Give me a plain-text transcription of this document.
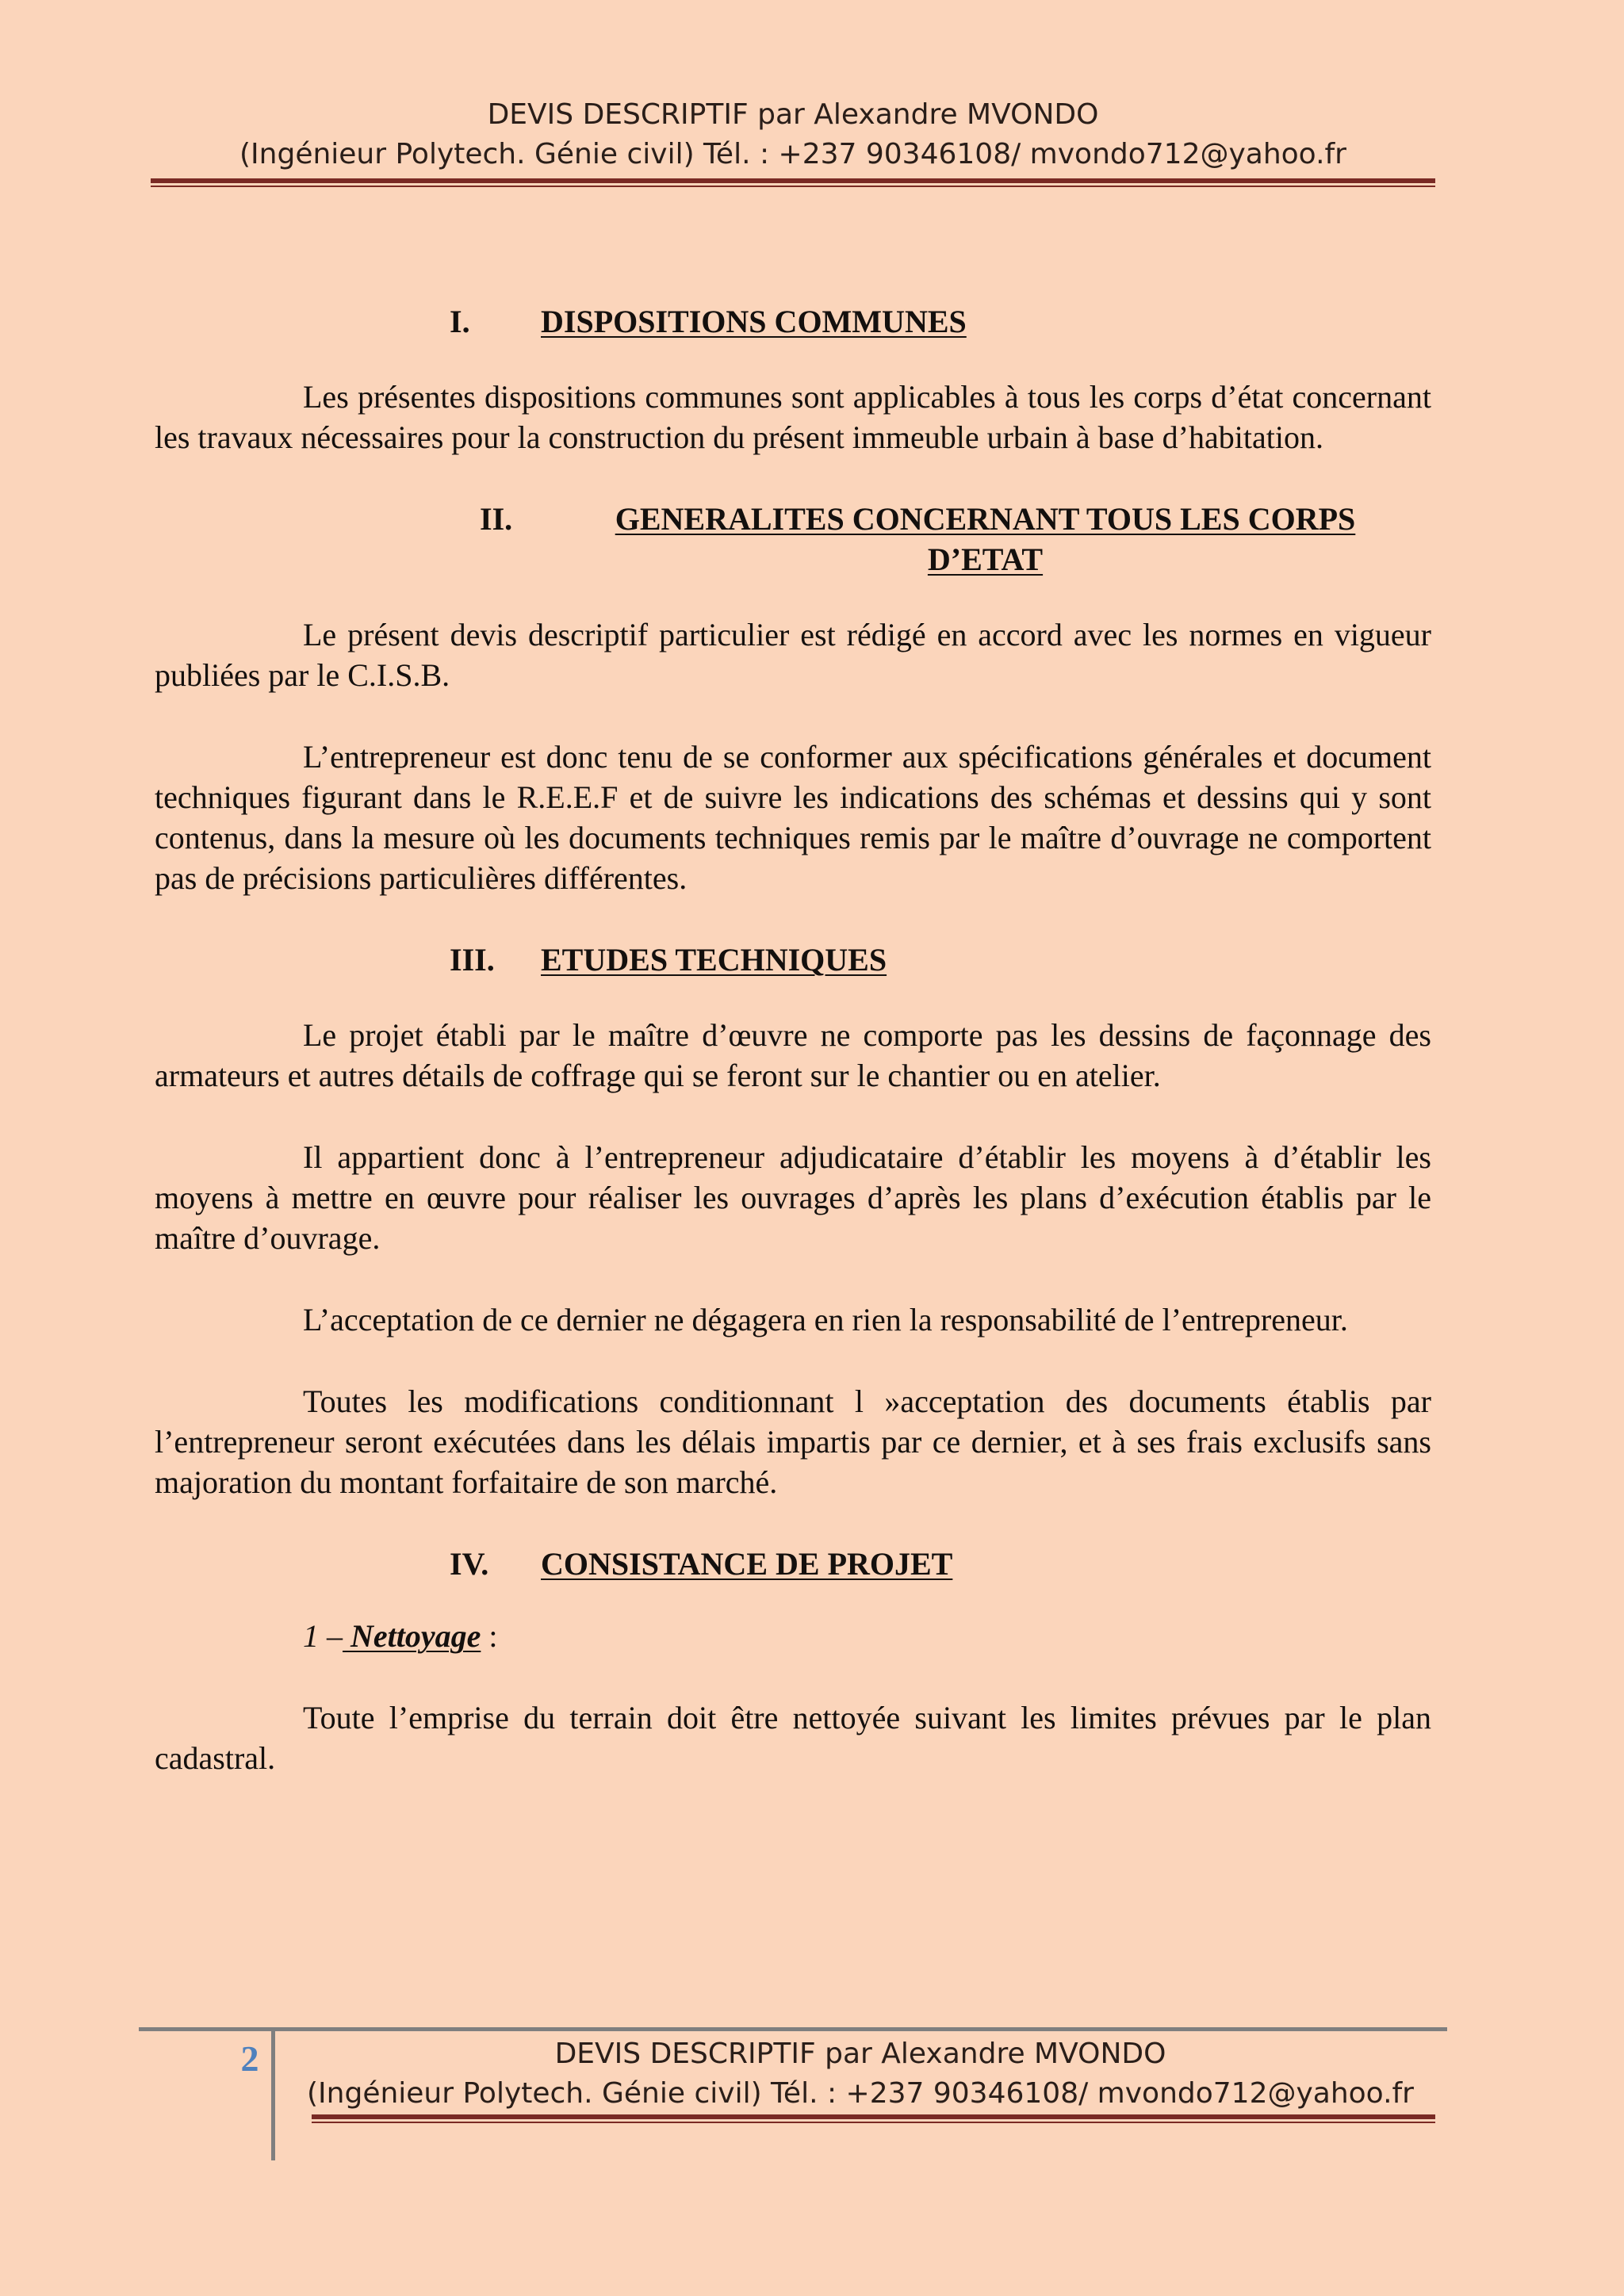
DEVIS DESCRIPTIF par Alexandre MVONDO
(Ingénieur Polytech. Génie civil) Tél. : +237 90346108/ mvondo712@yahoo.fr
I.	DISPOSITIONS COMMUNES

Les présentes dispositions communes sont applicables à tous les corps d’état concernant les travaux nécessaires pour la construction du présent immeuble urbain à base d’habitation.

II.	GENERALITES CONCERNANT TOUS LES CORPS D’ETAT

Le présent devis descriptif particulier est rédigé en accord avec les normes en vigueur publiées par le C.I.S.B.

L’entrepreneur est donc tenu de se conformer aux spécifications générales et document techniques figurant dans le R.E.E.F et de suivre les indications des schémas et dessins qui y sont contenus, dans la mesure où les documents techniques remis par le maître d’ouvrage ne comportent pas de précisions particulières différentes.

III.	ETUDES TECHNIQUES

Le projet établi par le maître d’œuvre ne comporte pas les dessins de façonnage des armateurs et autres détails de coffrage qui se feront sur le chantier ou en atelier.

Il appartient donc à l’entrepreneur adjudicataire d’établir les moyens à d’établir les moyens à mettre en œuvre pour réaliser les ouvrages d’après les plans d’exécution établis par le maître d’ouvrage.

L’acceptation de ce dernier ne dégagera en rien la responsabilité de l’entrepreneur.

Toutes les modifications conditionnant l »acceptation des documents établis par l’entrepreneur seront exécutées dans les délais impartis par ce dernier, et à ses frais exclusifs sans majoration du montant forfaitaire de son marché.

IV.	CONSISTANCE DE PROJET

1 – Nettoyage :

Toute l’emprise du terrain doit être nettoyée suivant les limites prévues par le plan cadastral.

2	DEVIS DESCRIPTIF par Alexandre MVONDO
(Ingénieur Polytech. Génie civil) Tél. : +237 90346108/ mvondo712@yahoo.fr
